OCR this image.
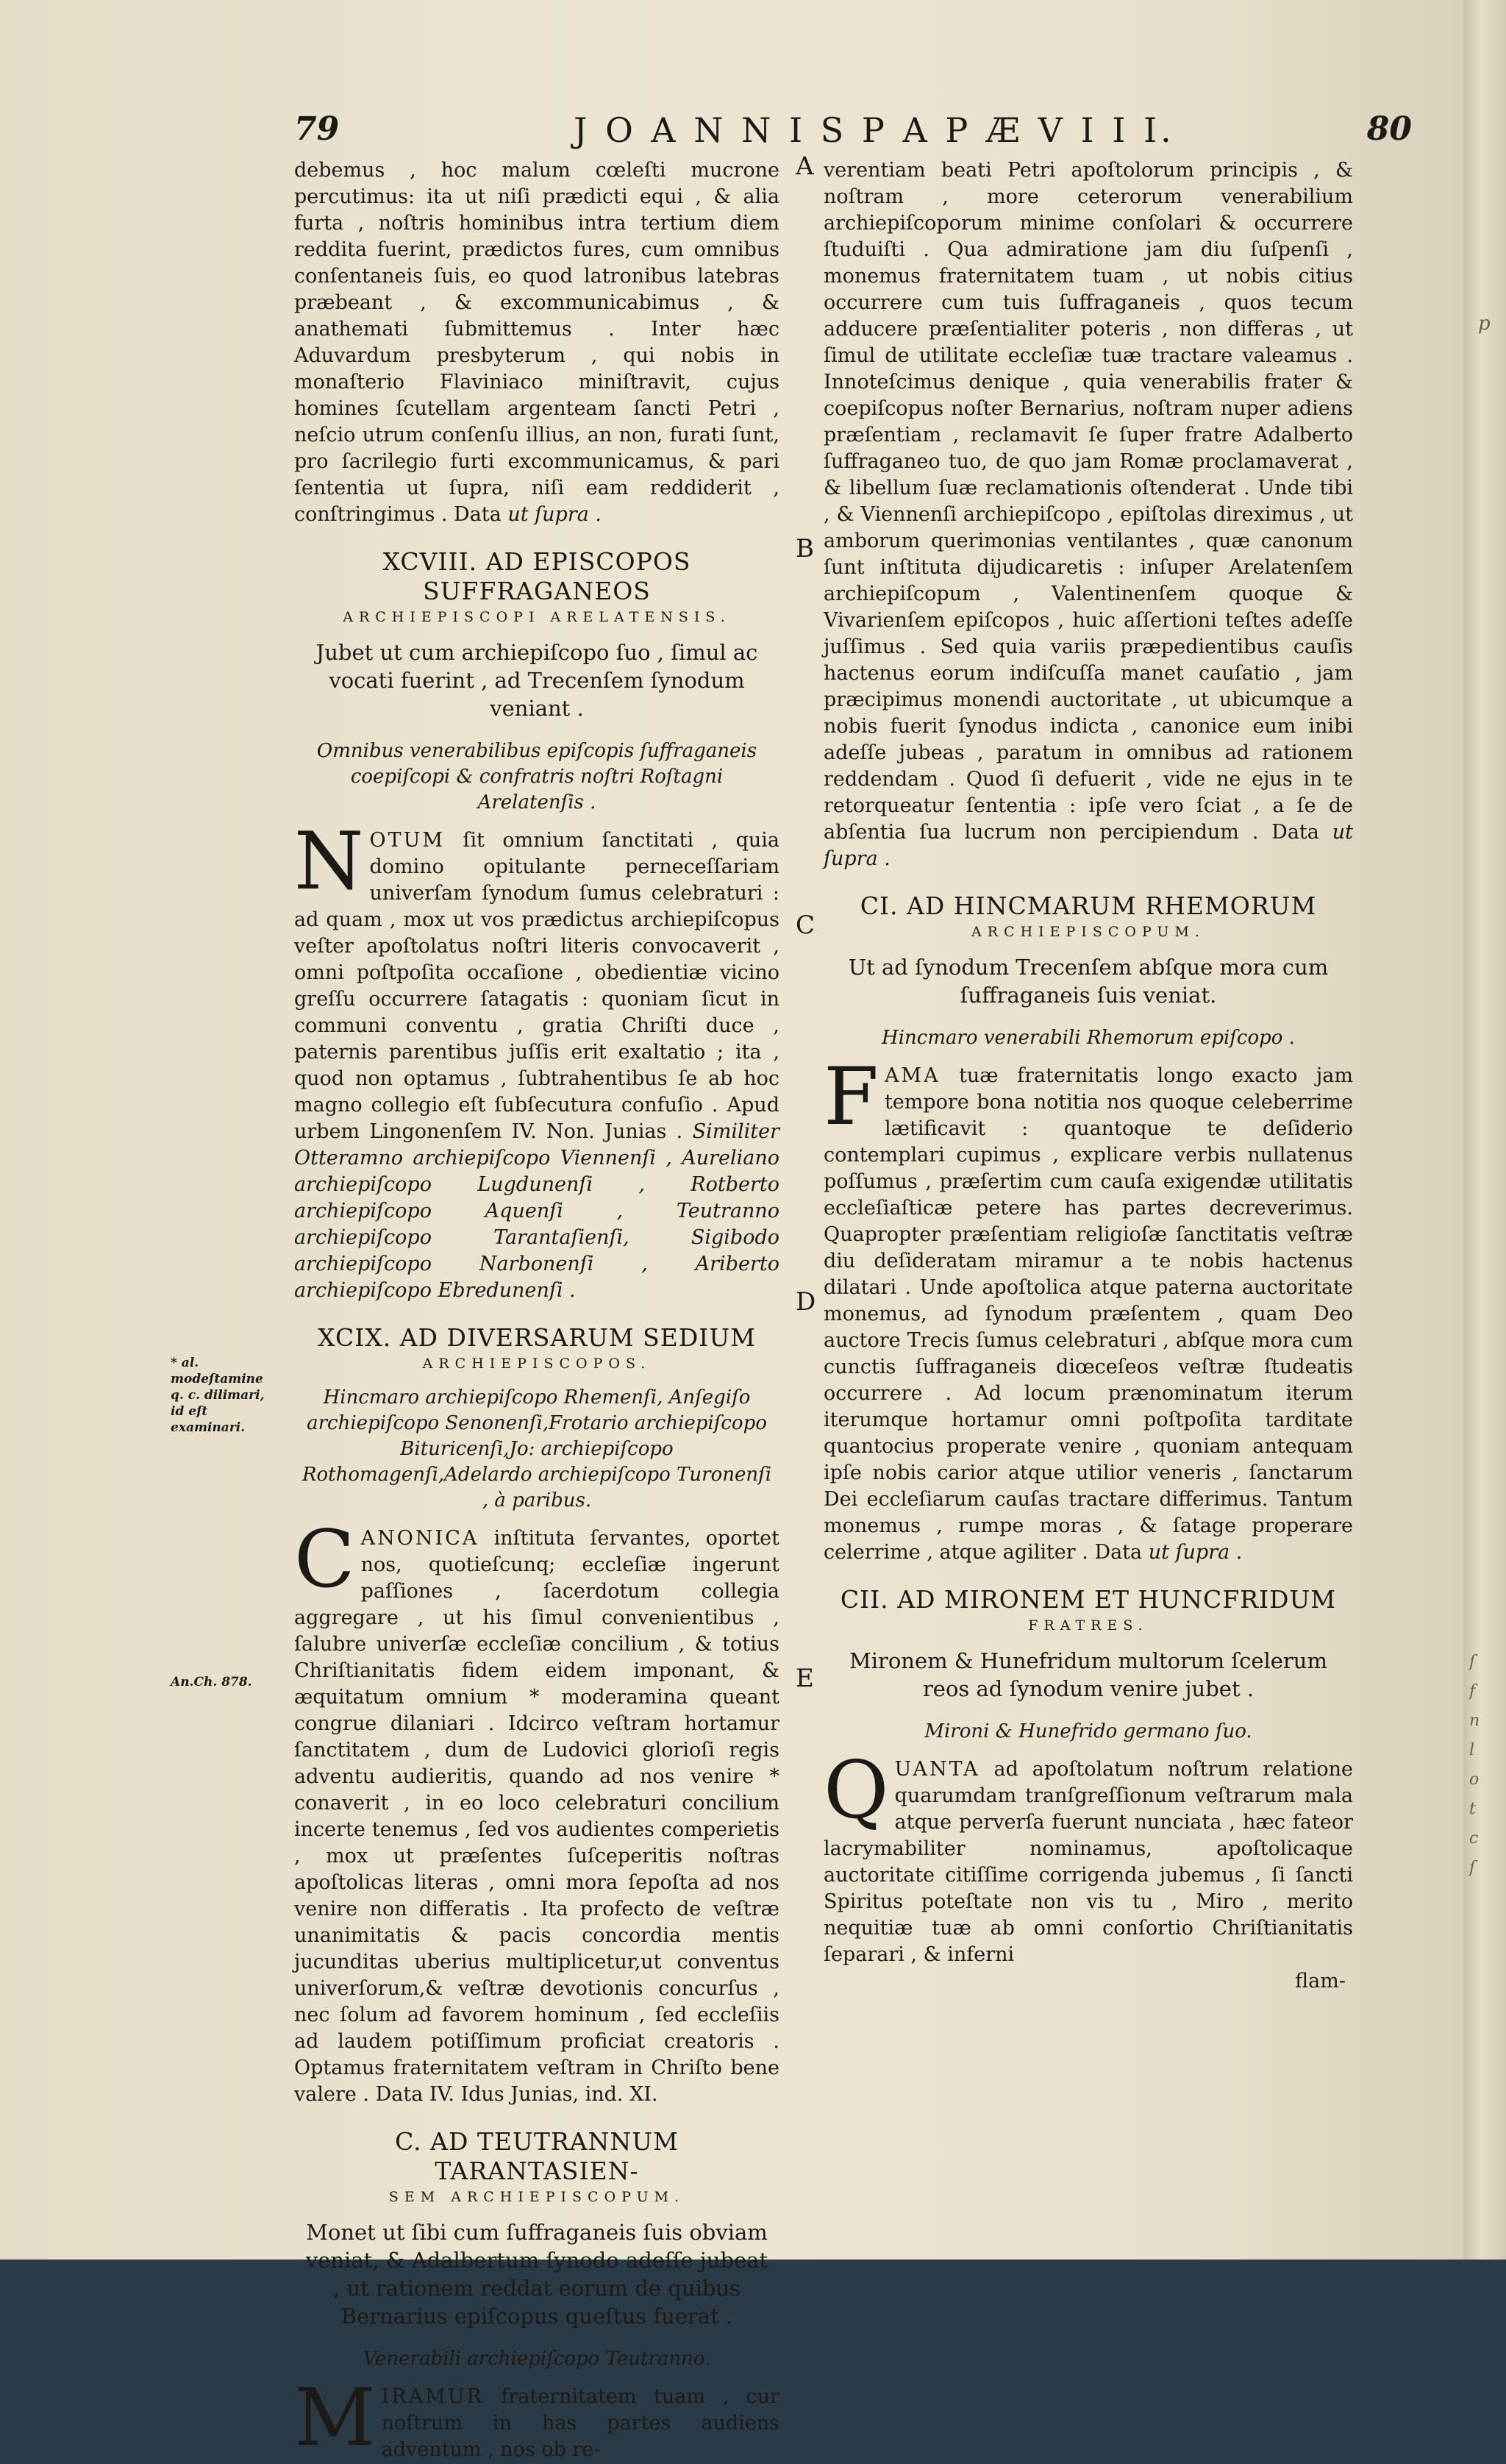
79	J O A N N I S P A P Æ V I I I.	80

debemus , hoc malum cœleſti mucrone percutimus: ita ut niſi prædicti equi , & alia furta , noſtris hominibus intra tertium diem reddita fuerint, prædictos fures, cum omnibus conſentaneis ſuis, eo quod latronibus latebras præbeant , & excommunicabimus , & anathemati ſubmittemus . Inter hæc Aduvardum presbyterum , qui nobis in monaſterio Flaviniaco miniſtravit, cujus homines ſcutellam argenteam ſancti Petri , neſcio utrum conſenſu illius, an non, furati ſunt, pro ſacrilegio furti excommunicamus, & pari ſententia ut ſupra, niſi eam reddiderit , conſtringimus . Data ut ſupra .

XCVIII. AD EPISCOPOS SUFFRAGANEOS

ARCHIEPISCOPI ARELATENSIS.

Jubet ut cum archiepiſcopo ſuo , ſimul ac vocati fuerint , ad Trecenſem ſynodum veniant .

Omnibus venerabilibus epiſcopis ſuffraganeis coepiſcopi & confratris noſtri Roſtagni Arelatenſis .

NOTUM ſit omnium ſanctitati , quia domino opitulante perneceſſariam univerſam ſynodum ſumus celebraturi : ad quam , mox ut vos prædictus archiepiſcopus veſter apoſtolatus noſtri literis convocaverit , omni poſtpoſita occaſione , obedientiæ vicino greſſu occurrere ſatagatis : quoniam ſicut in communi conventu , gratia Chriſti duce , paternis parentibus juſſis erit exaltatio ; ita , quod non optamus , ſubtrahentibus ſe ab hoc magno collegio eſt ſubſecutura confuſio . Apud urbem Lingonenſem IV. Non. Junias . Similiter Otteramno archiepiſcopo Viennenſi , Aureliano archiepiſcopo Lugdunenſi , Rotberto archiepiſcopo Aquenſi , Teutranno archiepiſcopo Tarantaſienſi, Sigibodo archiepiſcopo Narbonenſi , Ariberto archiepiſcopo Ebredunenſi .

XCIX. AD DIVERSARUM SEDIUM

ARCHIEPISCOPOS.

Hincmaro archiepiſcopo Rhemenſi, Anſegiſo archiepiſcopo Senonenſi,Frotario archiepiſcopo Bituricenſi,Jo: archiepiſcopo Rothomagenſi,Adelardo archiepiſcopo Turonenſi , à paribus.

CANONICA inſtituta ſervantes, oportet nos, quotieſcunq; eccleſiæ ingerunt paſſiones , ſacerdotum collegia aggregare , ut his ſimul convenientibus , ſalubre univerſæ eccleſiæ concilium , & totius Chriſtianitatis fidem eidem imponant, & æquitatum omnium * moderamina queant congrue dilaniari . Idcirco veſtram hortamur ſanctitatem , dum de Ludovici glorioſi regis adventu audieritis, quando ad nos venire * conaverit , in eo loco celebraturi concilium incerte tenemus , ſed vos audientes comperietis , mox ut præſentes ſuſceperitis noſtras apoſtolicas literas , omni mora ſepoſta ad nos venire non differatis . Ita profecto de veſtræ unanimitatis & pacis concordia mentis jucunditas uberius multiplicetur,ut conventus univerſorum,& veſtræ devotionis concurſus , nec ſolum ad favorem hominum , ſed eccleſiis ad laudem potiſſimum proficiat creatoris . Optamus fraternitatem veſtram in Chriſto bene valere . Data IV. Idus Junias, ind. XI.

C. AD TEUTRANNUM TARANTASIEN-

SEM ARCHIEPISCOPUM.

Monet ut ſibi cum ſuffraganeis ſuis obviam veniat, & Adalbertum ſynodo adeſſe jubeat , ut rationem reddat eorum de quibus Bernarius epiſcopus queſtus fuerat .

Venerabili archiepiſcopo Teutranno.

MIRAMUR fraternitatem tuam , cur noſtrum in has partes audiens adventum , nos ob re-

A
B
C
D
E
* al. modeſtamine q. c. dilimari, id eſt examinari.
An.Ch. 878.

verentiam beati Petri apoſtolorum principis , & noſtram , more ceterorum venerabilium archiepiſcoporum minime conſolari & occurrere ſtuduiſti . Qua admiratione jam diu ſuſpenſi , monemus fraternitatem tuam , ut nobis citius occurrere cum tuis ſuffraganeis , quos tecum adducere præſentialiter poteris , non differas , ut ſimul de utilitate eccleſiæ tuæ tractare valeamus . Innoteſcimus denique , quia venerabilis frater & coepiſcopus noſter Bernarius, noſtram nuper adiens præſentiam , reclamavit ſe ſuper fratre Adalberto ſuffraganeo tuo, de quo jam Romæ proclamaverat , & libellum ſuæ reclamationis oſtenderat . Unde tibi , & Viennenſi archiepiſcopo , epiſtolas direximus , ut amborum querimonias ventilantes , quæ canonum ſunt inſtituta dijudicaretis : inſuper Arelatenſem archiepiſcopum , Valentinenſem quoque & Vivarienſem epiſcopos , huic aſſertioni teſtes adeſſe juſſimus . Sed quia variis præpedientibus cauſis hactenus eorum indiſcuſſa manet cauſatio , jam præcipimus monendi auctoritate , ut ubicumque a nobis fuerit ſynodus indicta , canonice eum inibi adeſſe jubeas , paratum in omnibus ad rationem reddendam . Quod ſi defuerit , vide ne ejus in te retorqueatur ſententia : ipſe vero ſciat , a ſe de abſentia ſua lucrum non percipiendum . Data ut ſupra .

CI. AD HINCMARUM RHEMORUM

ARCHIEPISCOPUM.

Ut ad ſynodum Trecenſem abſque mora cum ſuffraganeis ſuis veniat.

Hincmaro venerabili Rhemorum epiſcopo .

FAMA tuæ fraternitatis longo exacto jam tempore bona notitia nos quoque celeberrime lætificavit : quantoque te deſiderio contemplari cupimus , explicare verbis nullatenus poſſumus , præſertim cum cauſa exigendæ utilitatis eccleſiaſticæ petere has partes decreverimus. Quapropter præſentiam religioſæ ſanctitatis veſtræ diu deſideratam miramur a te nobis hactenus dilatari . Unde apoſtolica atque paterna auctoritate monemus, ad ſynodum præſentem , quam Deo auctore Trecis ſumus celebraturi , abſque mora cum cunctis ſuffraganeis diœceſeos veſtræ ſtudeatis occurrere . Ad locum prænominatum iterum iterumque hortamur omni poſtpoſita tarditate quantocius properate venire , quoniam antequam ipſe nobis carior atque utilior veneris , ſanctarum Dei eccleſiarum cauſas tractare differimus. Tantum monemus , rumpe moras , & ſatage properare celerrime , atque agiliter . Data ut ſupra .

CII. AD MIRONEM ET HUNCFRIDUM

FRATRES.

Mironem & Hunefridum multorum ſcelerum reos ad ſynodum venire jubet .

Mironi & Hunefrido germano ſuo.

QUANTA ad apoſtolatum noſtrum relatione quarumdam tranſgreſſionum veſtrarum mala atque perverſa fuerunt nunciata , hæc fateor lacrymabiliter nominamus, apoſtolicaque auctoritate citiſſime corrigenda jubemus , ſi ſancti Spiritus poteſtate non vis tu , Miro , merito nequitiæ tuæ ab omni conſortio Chriſtianitatis ſeparari , & inferni

flam-

p
ſ
f
n
l
o
t
c
ſ
